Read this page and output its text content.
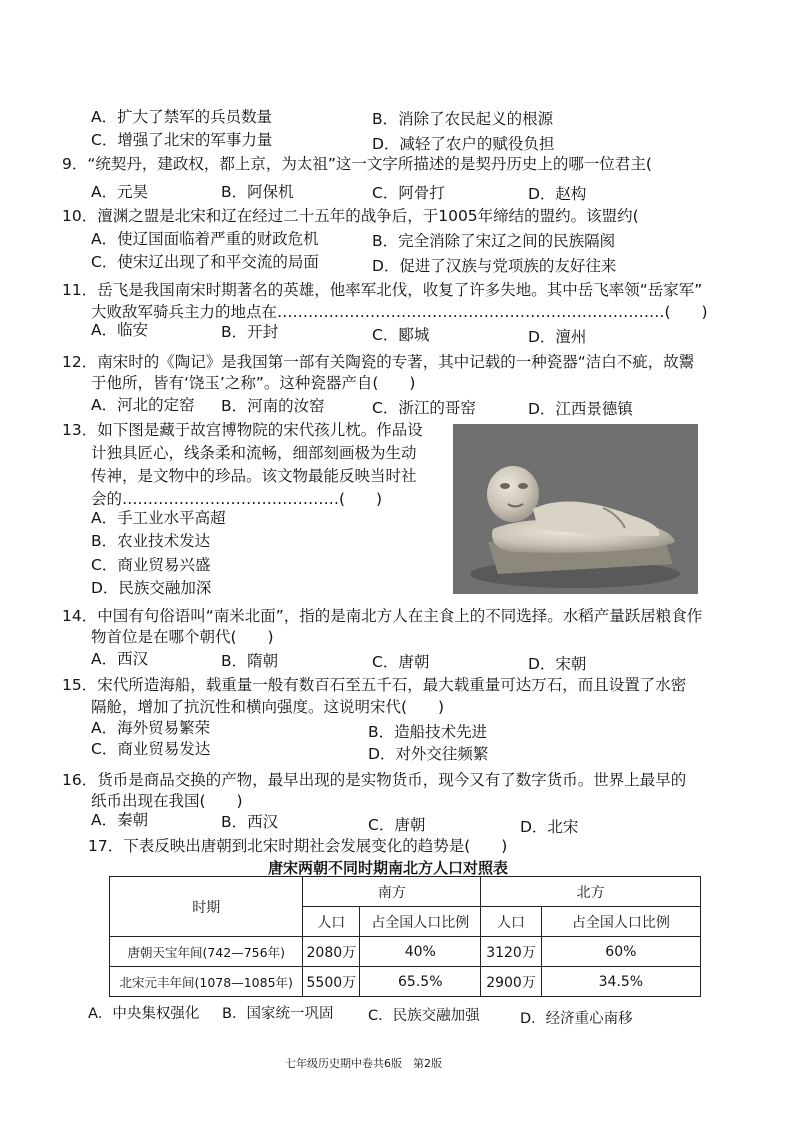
A．扩大了禁军的兵员数量	B．消除了农民起义的根源
C．增强了北宋的军事力量	D．减轻了农户的赋役负担
9．“统契丹，建政权，都上京，为太祖”这一文字所描述的是契丹历史上的哪一位君主(
A．元昊	B．阿保机	C．阿骨打	D．赵构
10．澶渊之盟是北宋和辽在经过二十五年的战争后，于1005年缔结的盟约。该盟约(
A．使辽国面临着严重的财政危机	B．完全消除了宋辽之间的民族隔阂
C．使宋辽出现了和平交流的局面	D．促进了汉族与党项族的友好往来
11．岳飞是我国南宋时期著名的英雄，他率军北伐，收复了许多失地。其中岳飞率领“岳家军”
大败敌军骑兵主力的地点在…………………………………………………………………(　　)
A．临安	B．开封	C．郾城	D．澶州
12．南宋时的《陶记》是我国第一部有关陶瓷的专著，其中记载的一种瓷器“洁白不疵，故鬻
于他所，皆有‘饶玉’之称”。这种瓷器产自(　　)
A．河北的定窑 B．河南的汝窑	C．浙江的哥窑	D．江西景德镇
13．如下图是藏于故宫博物院的宋代孩儿枕。作品设
计独具匠心，线条柔和流畅，细部刻画极为生动
传神，是文物中的珍品。该文物最能反映当时社
会的……………………………………(　　)
A．手工业水平高超
B．农业技术发达
C．商业贸易兴盛
D．民族交融加深
14．中国有句俗语叫“南米北面”，指的是南北方人在主食上的不同选择。水稻产量跃居粮食作
物首位是在哪个朝代(　　)
A．西汉	B．隋朝	C．唐朝	D．宋朝
15．宋代所造海船，载重量一般有数百石至五千石，最大载重量可达万石，而且设置了水密
隔舱，增加了抗沉性和横向强度。这说明宋代(　　)
A．海外贸易繁荣	B．造船技术先进
C．商业贸易发达	D．对外交往频繁
16．货币是商品交换的产物，最早出现的是实物货币，现今又有了数字货币。世界上最早的
纸币出现在我国(　　)
A．秦朝	B．西汉	C．唐朝	D．北宋
17．下表反映出唐朝到北宋时期社会发展变化的趋势是(　　)
唐宋两朝不同时期南北方人口对照表
时期	南方		北方	
	人口	占全国人口比例	人口	占全国人口比例
唐朝天宝年间(742—756年)	2080万	40%	3120万	60%
北宋元丰年间(1078—1085年)	5500万	65.5%	2900万	34.5%
A．中央集权强化 B．国家统一巩固 C．民族交融加强	D．经济重心南移
七年级历史期中卷共6版　第2版
